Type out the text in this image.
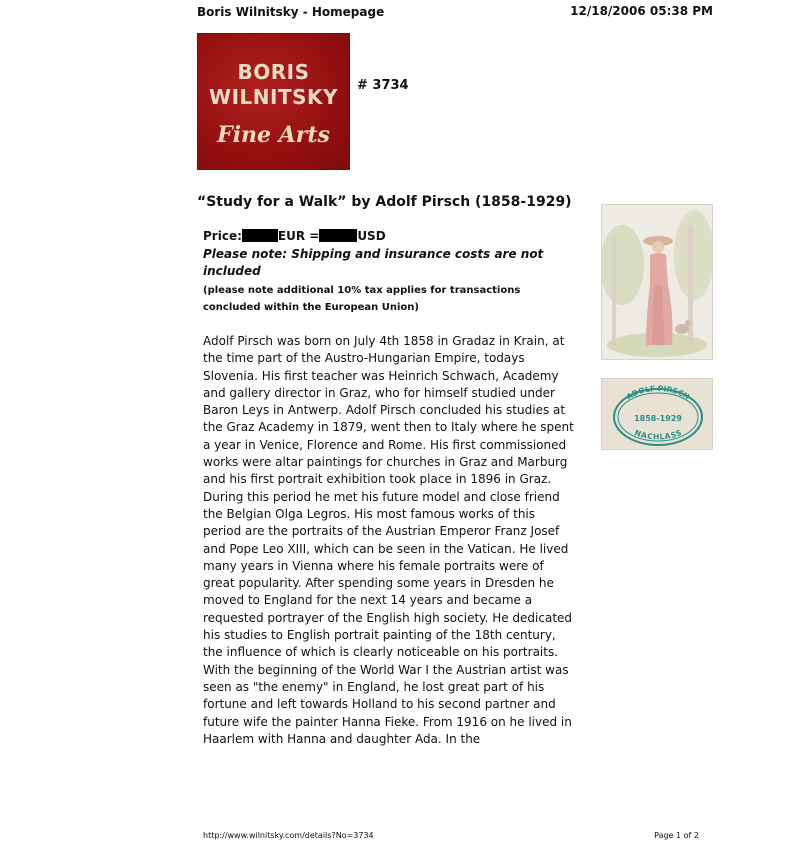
Boris Wilnitsky - Homepage	12/18/2006 05:38 PM
BORIS
WILNITSKY
Fine Arts
# 3734
“Study for a Walk” by Adolf Pirsch (1858-1929)
Price:	EUR =	USD
Please note: Shipping and insurance costs are not included
(please note additional 10% tax applies for transactions concluded within the European Union)
Adolf Pirsch was born on July 4th 1858 in Gradaz in Krain, at the time part of the Austro-Hungarian Empire, todays Slovenia. His first teacher was Heinrich Schwach, Academy and gallery director in Graz, who for himself studied under Baron Leys in Antwerp. Adolf Pirsch concluded his studies at the Graz Academy in 1879, went then to Italy where he spent a year in Venice, Florence and Rome. His first commissioned works were altar paintings for churches in Graz and Marburg and his first portrait exhibition took place in 1896 in Graz. During this period he met his future model and close friend the Belgian Olga Legros. His most famous works of this period are the portraits of the Austrian Emperor Franz Josef and Pope Leo XIII, which can be seen in the Vatican. He lived many years in Vienna where his female portraits were of great popularity. After spending some years in Dresden he moved to England for the next 14 years and became a requested portrayer of the English high society. He dedicated his studies to English portrait painting of the 18th century, the influence of which is clearly noticeable on his portraits. With the beginning of the World War I the Austrian artist was seen as "the enemy" in England, he lost great part of his fortune and left towards Holland to his second partner and future wife the painter Hanna Fieke. From 1916 on he lived in Haarlem with Hanna and daughter Ada. In the
ADOLF PIRSCH
1858-1929
NACHLASS
http://www.wilnitsky.com/details?No=3734	Page 1 of 2
